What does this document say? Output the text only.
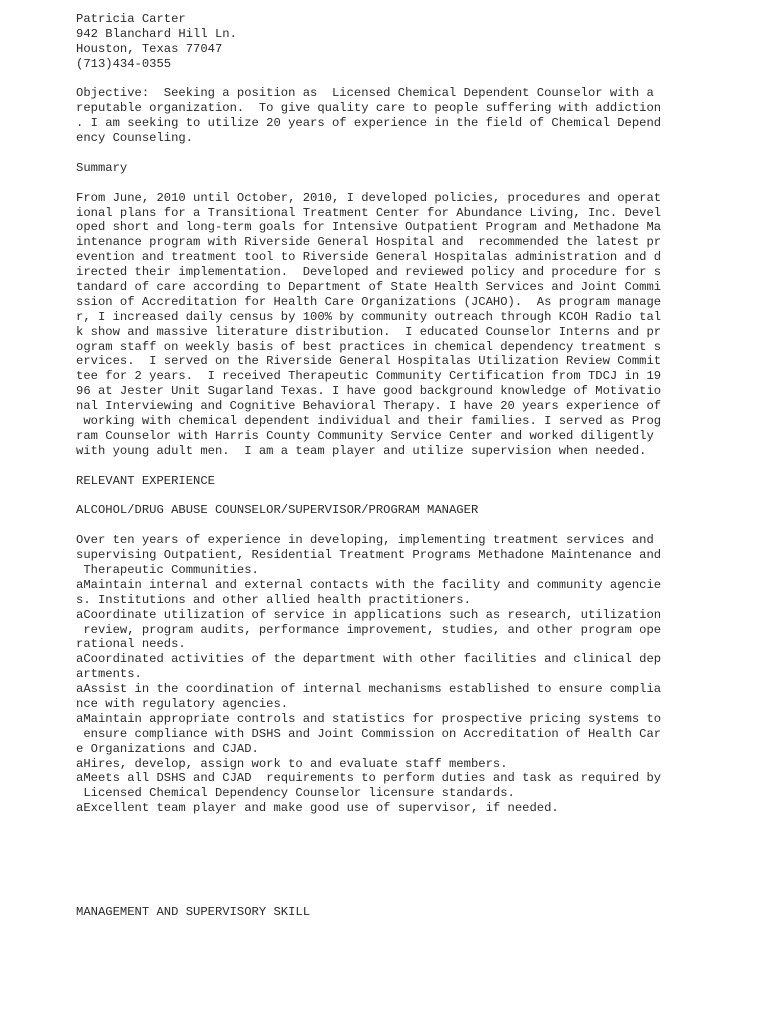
Patricia Carter
942 Blanchard Hill Ln.
Houston, Texas 77047
(713)434-0355
Objective:  Seeking a position as  Licensed Chemical Dependent Counselor with a
reputable organization.  To give quality care to people suffering with addiction
. I am seeking to utilize 20 years of experience in the field of Chemical Depend
ency Counseling.
Summary
From June, 2010 until October, 2010, I developed policies, procedures and operat
ional plans for a Transitional Treatment Center for Abundance Living, Inc. Devel
oped short and long-term goals for Intensive Outpatient Program and Methadone Ma
intenance program with Riverside General Hospital and  recommended the latest pr
evention and treatment tool to Riverside General Hospitalas administration and d
irected their implementation.  Developed and reviewed policy and procedure for s
tandard of care according to Department of State Health Services and Joint Commi
ssion of Accreditation for Health Care Organizations (JCAHO).  As program manage
r, I increased daily census by 100% by community outreach through KCOH Radio tal
k show and massive literature distribution.  I educated Counselor Interns and pr
ogram staff on weekly basis of best practices in chemical dependency treatment s
ervices.  I served on the Riverside General Hospitalas Utilization Review Commit
tee for 2 years.  I received Therapeutic Community Certification from TDCJ in 19
96 at Jester Unit Sugarland Texas. I have good background knowledge of Motivatio
nal Interviewing and Cognitive Behavioral Therapy. I have 20 years experience of
working with chemical dependent individual and their families. I served as Prog
ram Counselor with Harris County Community Service Center and worked diligently
with young adult men.  I am a team player and utilize supervision when needed.
RELEVANT EXPERIENCE
ALCOHOL/DRUG ABUSE COUNSELOR/SUPERVISOR/PROGRAM MANAGER
Over ten years of experience in developing, implementing treatment services and
supervising Outpatient, Residential Treatment Programs Methadone Maintenance and
Therapeutic Communities.
aMaintain internal and external contacts with the facility and community agencie
s. Institutions and other allied health practitioners.
aCoordinate utilization of service in applications such as research, utilization
review, program audits, performance improvement, studies, and other program ope
rational needs.
aCoordinated activities of the department with other facilities and clinical dep
artments.
aAssist in the coordination of internal mechanisms established to ensure complia
nce with regulatory agencies.
aMaintain appropriate controls and statistics for prospective pricing systems to
ensure compliance with DSHS and Joint Commission on Accreditation of Health Car
e Organizations and CJAD.
aHires, develop, assign work to and evaluate staff members.
aMeets all DSHS and CJAD  requirements to perform duties and task as required by
Licensed Chemical Dependency Counselor licensure standards.
aExcellent team player and make good use of supervisor, if needed.
MANAGEMENT AND SUPERVISORY SKILL
